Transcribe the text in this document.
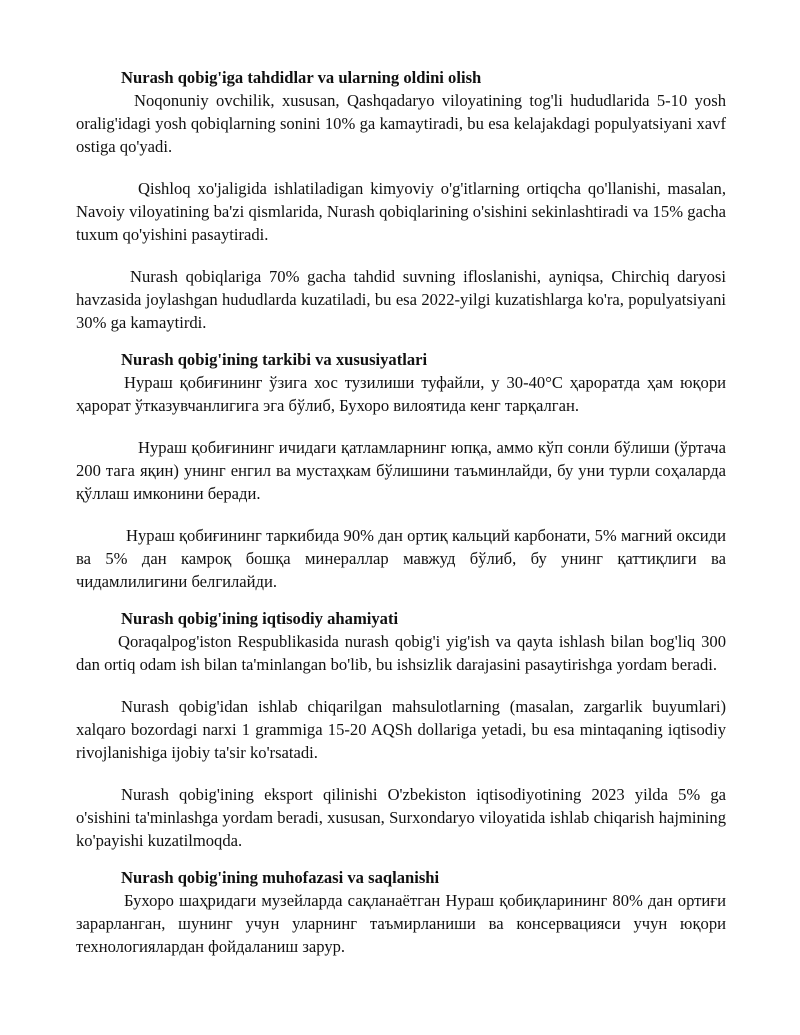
Nurash qobig'iga tahdidlar va ularning oldini olish

Noqonuniy ovchilik, xususan, Qashqadaryo viloyatining tog'li hududlarida 5-10 yosh oralig'idagi yosh qobiqlarning sonini 10% ga kamaytiradi, bu esa kelajakdagi populyatsiyani xavf ostiga qo'yadi.

Qishloq xo'jaligida ishlatiladigan kimyoviy o'g'itlarning ortiqcha qo'llanishi, masalan, Navoiy viloyatining ba'zi qismlarida, Nurash qobiqlarining o'sishini sekinlashtiradi va 15% gacha tuxum qo'yishini pasaytiradi.

Nurash qobiqlariga 70% gacha tahdid suvning ifloslanishi, ayniqsa, Chirchiq daryosi havzasida joylashgan hududlarda kuzatiladi, bu esa 2022-yilgi kuzatishlarga ko'ra, populyatsiyani 30% ga kamaytirdi.

Nurash qobig'ining tarkibi va xususiyatlari

Нураш қобиғининг ўзига хос тузилиши туфайли, у 30-40°C ҳароратда ҳам юқори ҳарорат ўтказувчанлигига эга бўлиб, Бухоро вилоятида кенг тарқалган.

Нураш қобиғининг ичидаги қатламларнинг юпқа, аммо кўп сонли бўлиши (ўртача 200 тага яқин) унинг енгил ва мустаҳкам бўлишини таъминлайди, бу уни турли соҳаларда қўллаш имконини беради.

Нураш қобиғининг таркибида 90% дан ортиқ кальций карбонати, 5% магний оксиди ва 5% дан камроқ бошқа минераллар мавжуд бўлиб, бу унинг қаттиқлиги ва чидамлилигини белгилайди.

Nurash qobig'ining iqtisodiy ahamiyati

Qoraqalpog'iston Respublikasida nurash qobig'i yig'ish va qayta ishlash bilan bog'liq 300 dan ortiq odam ish bilan ta'minlangan bo'lib, bu ishsizlik darajasini pasaytirishga yordam beradi.

Nurash qobig'idan ishlab chiqarilgan mahsulotlarning (masalan, zargarlik buyumlari) xalqaro bozordagi narxi 1 grammiga 15-20 AQSh dollariga yetadi, bu esa mintaqaning iqtisodiy rivojlanishiga ijobiy ta'sir ko'rsatadi.

Nurash qobig'ining eksport qilinishi O'zbekiston iqtisodiyotining 2023 yilda 5% ga o'sishini ta'minlashga yordam beradi, xususan, Surxondaryo viloyatida ishlab chiqarish hajmining ko'payishi kuzatilmoqda.

Nurash qobig'ining muhofazasi va saqlanishi

Бухоро шаҳридаги музейларда сақланаётган Нураш қобиқларининг 80% дан ортиғи зарарланган, шунинг учун уларнинг таъмирланиши ва консервацияси учун юқори технологиялардан фойдаланиш зарур.
